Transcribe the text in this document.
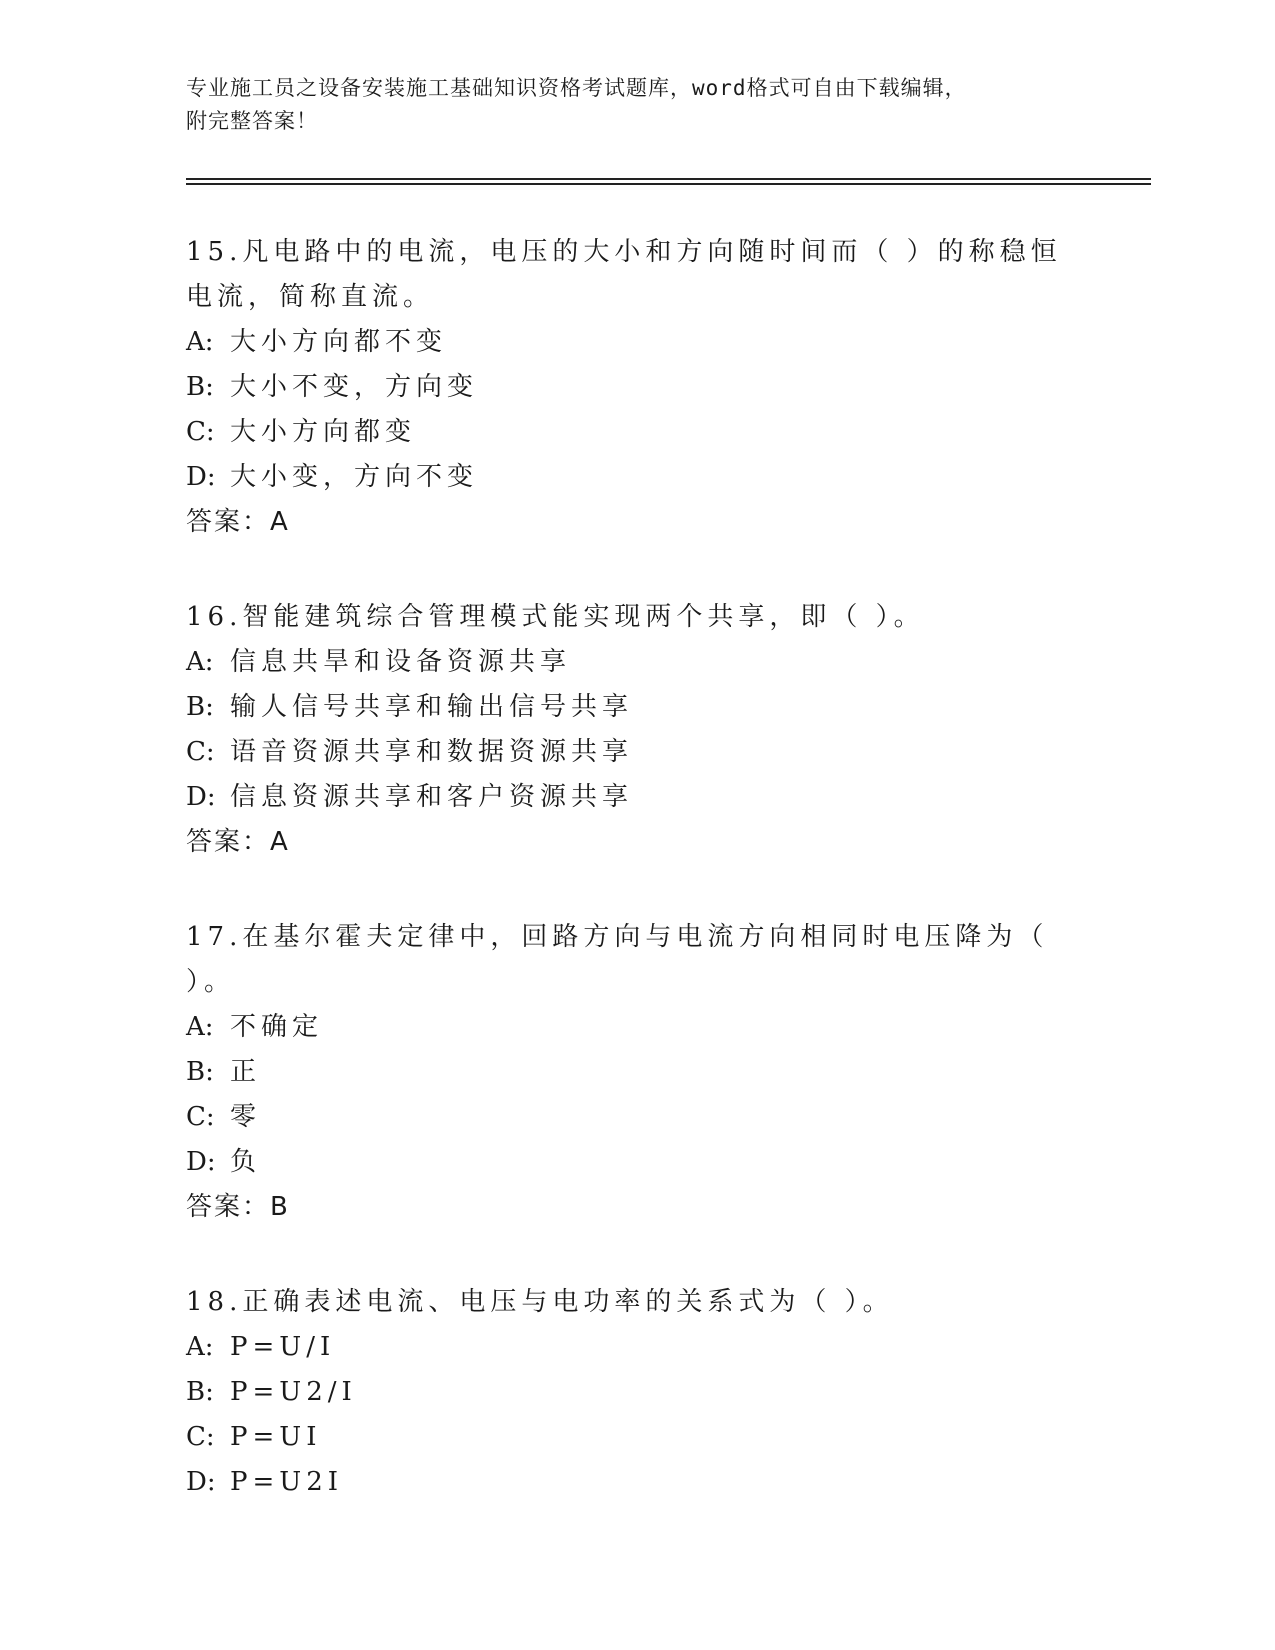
专业施工员之设备安装施工基础知识资格考试题库，word格式可自由下载编辑，
附完整答案！
15.凡电路中的电流，电压的大小和方向随时间而（ ）的称稳恒电流，简称直流。
A: 大小方向都不变
B: 大小不变，方向变
C: 大小方向都变
D: 大小变，方向不变
答案：A
16.智能建筑综合管理模式能实现两个共享，即（ ）。
A: 信息共旱和设备资源共享
B: 输人信号共享和输出信号共享
C: 语音资源共享和数据资源共享
D: 信息资源共享和客户资源共享
答案：A
17.在基尔霍夫定律中，回路方向与电流方向相同时电压降为（ ）。
A: 不确定
B: 正
C: 零
D: 负
答案：B
18.正确表述电流、电压与电功率的关系式为（ ）。
A: P=U/I
B: P=U2/I
C: P=UI
D: P=U2I
